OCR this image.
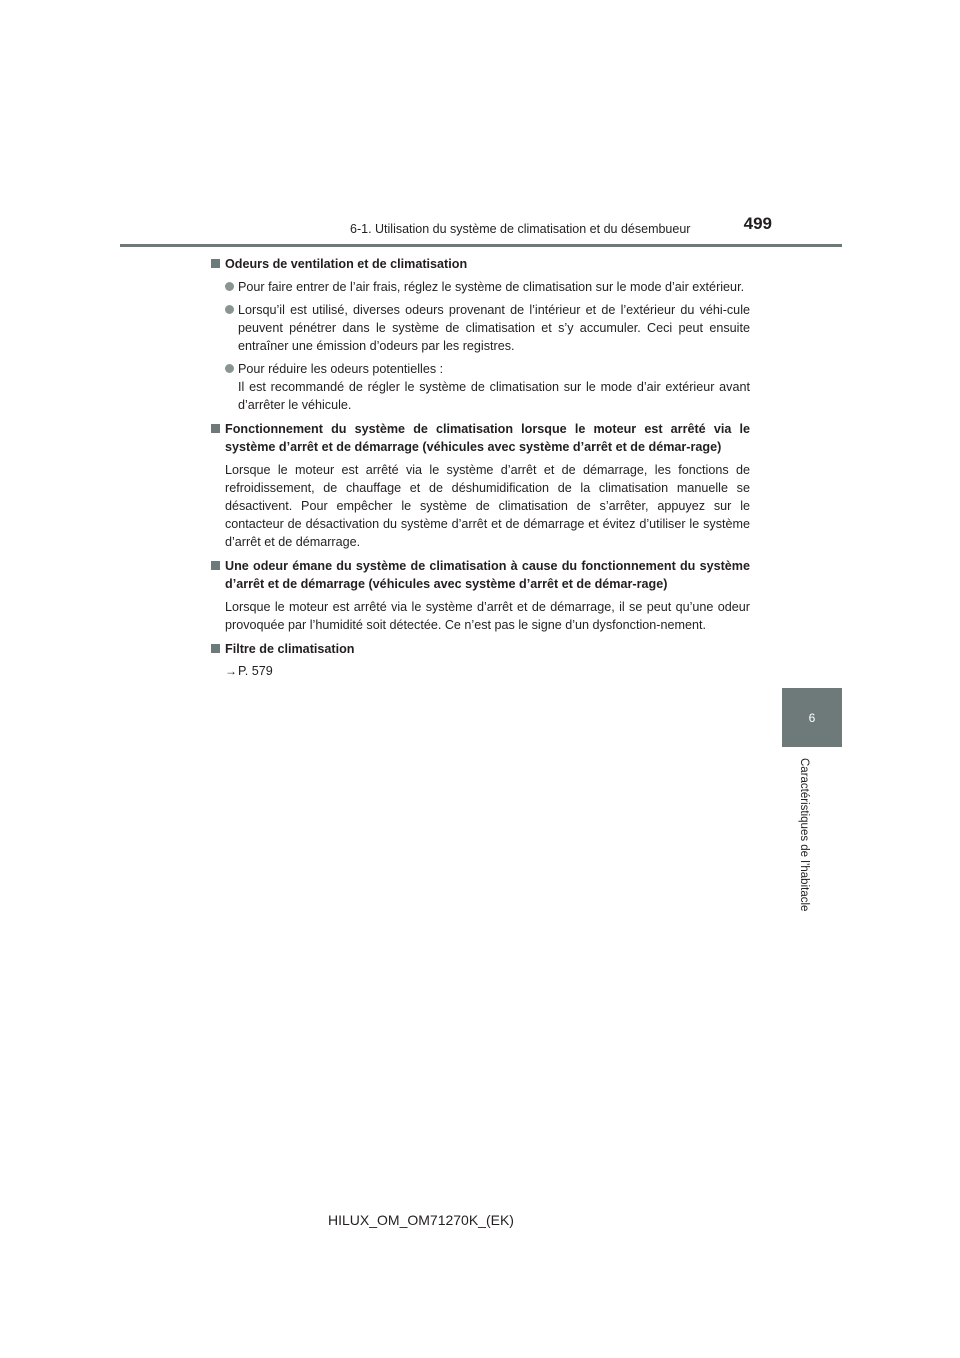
6-1. Utilisation du système de climatisation et du désembueur	499
6
Caractéristiques de l’habitacle
Odeurs de ventilation et de climatisation
Pour faire entrer de l’air frais, réglez le système de climatisation sur le mode d’air extérieur.
Lorsqu’il est utilisé, diverses odeurs provenant de l’intérieur et de l’extérieur du véhi-cule peuvent pénétrer dans le système de climatisation et s’y accumuler. Ceci peut ensuite entraîner une émission d’odeurs par les registres.
Pour réduire les odeurs potentielles :
Il est recommandé de régler le système de climatisation sur le mode d’air extérieur avant d’arrêter le véhicule.
Fonctionnement du système de climatisation lorsque le moteur est arrêté via le système d’arrêt et de démarrage (véhicules avec système d’arrêt et de démar-rage)
Lorsque le moteur est arrêté via le système d’arrêt et de démarrage, les fonctions de refroidissement, de chauffage et de déshumidification de la climatisation manuelle se désactivent. Pour empêcher le système de climatisation de s’arrêter, appuyez sur le contacteur de désactivation du système d’arrêt et de démarrage et évitez d’utiliser le système d’arrêt et de démarrage.
Une odeur émane du système de climatisation à cause du fonctionnement du système d’arrêt et de démarrage (véhicules avec système d’arrêt et de démar-rage)
Lorsque le moteur est arrêté via le système d’arrêt et de démarrage, il se peut qu’une odeur provoquée par l’humidité soit détectée. Ce n’est pas le signe d’un dysfonction-nement.
Filtre de climatisation
→ P. 579
HILUX_OM_OM71270K_(EK)
